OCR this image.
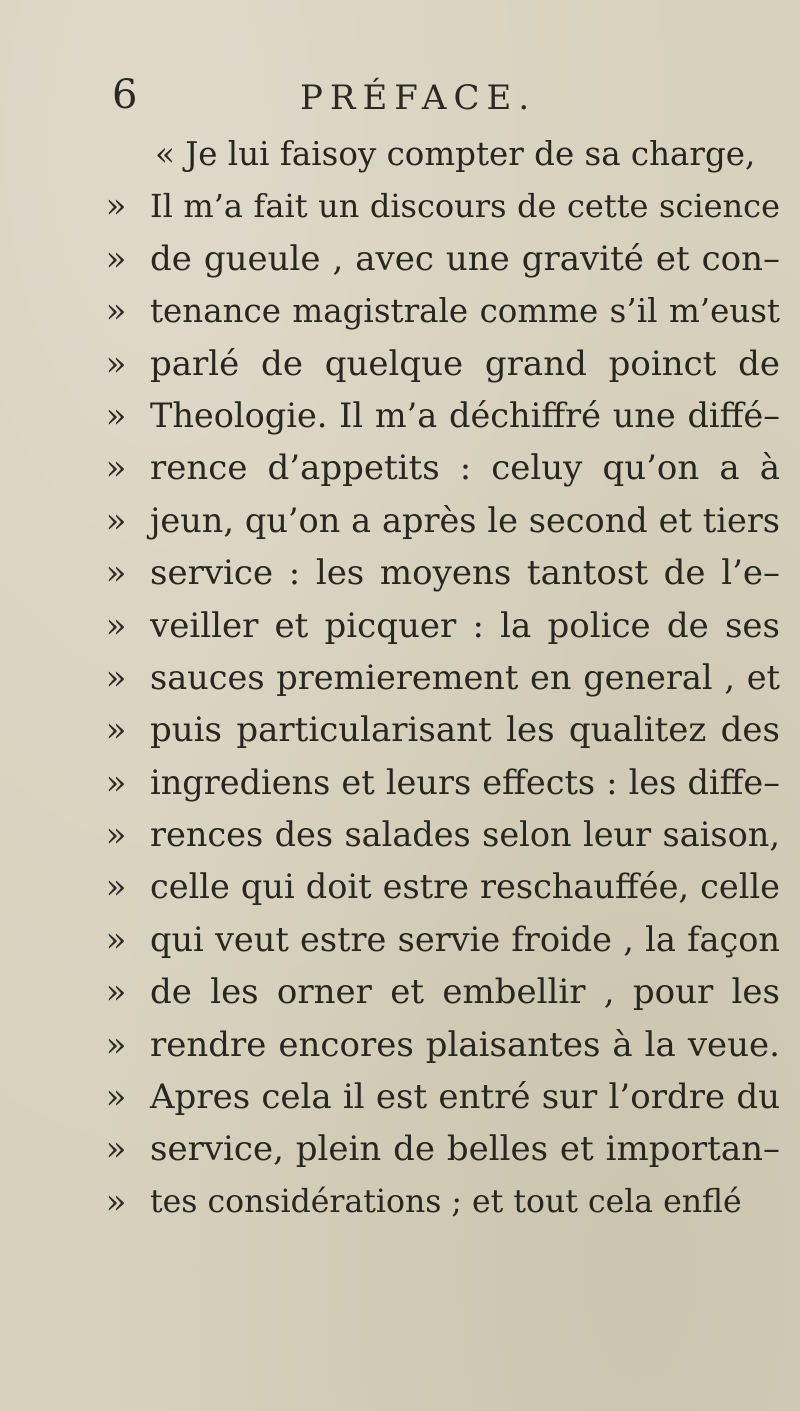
6	PRÉFACE.
« Je lui faisoy compter de sa charge,
» Il m’a fait un discours de cette science
» de gueule , avec une gravité et con–
» tenance magistrale comme s’il m’eust
» parlé de quelque grand poinct de
» Theologie. Il m’a déchiffré une diffé–
» rence d’appetits : celuy qu’on a à
» jeun, qu’on a après le second et tiers
» service : les moyens tantost de l’e–
» veiller et picquer : la police de ses
» sauces premierement en general , et
» puis particularisant les qualitez des
» ingrediens et leurs effects : les diffe–
» rences des salades selon leur saison,
» celle qui doit estre reschauffée, celle
» qui veut estre servie froide , la façon
» de les orner et embellir , pour les
» rendre encores plaisantes à la veue.
» Apres cela il est entré sur l’ordre du
» service, plein de belles et importan–
» tes considérations ; et tout cela enflé
